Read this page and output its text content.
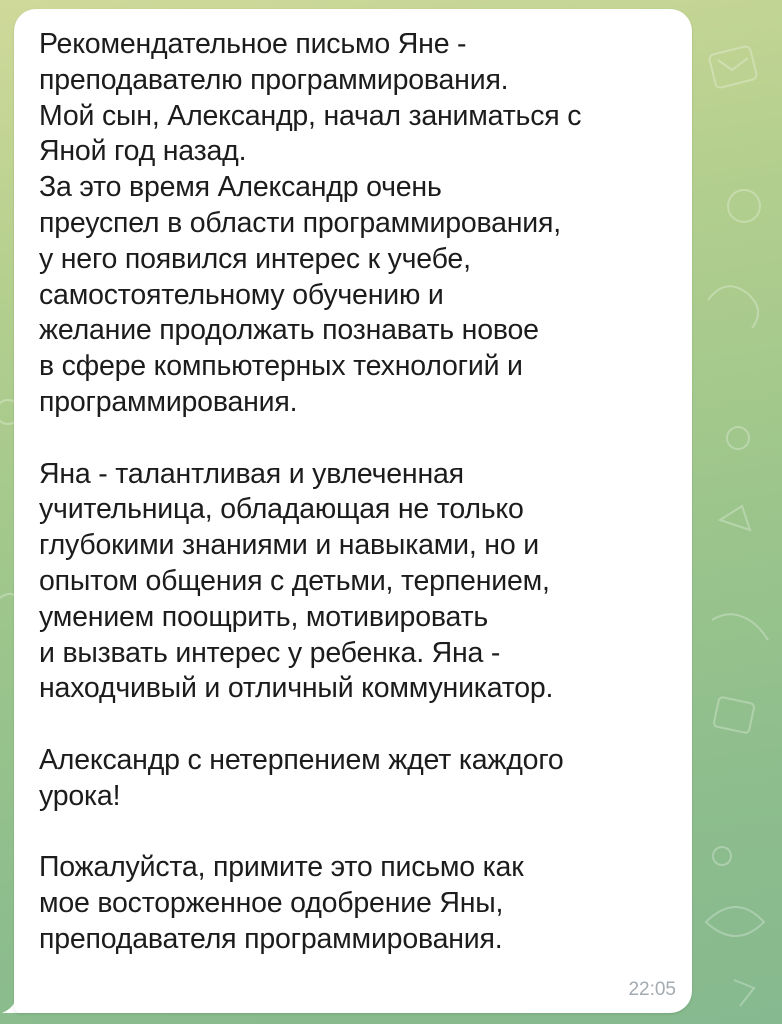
Рекомендательное письмо Яне -
преподавателю программирования.
Мой сын, Александр, начал заниматься с
Яной год назад.
За это время Александр очень
преуспел в области программирования,
у него появился интерес к учебе,
самостоятельному обучению и
желание продолжать познавать новое
в сфере компьютерных технологий и
программирования.
Яна - талантливая и увлеченная
учительница, обладающая не только
глубокими знаниями и навыками, но и
опытом общения с детьми, терпением,
умением поощрить, мотивировать
и вызвать интерес у ребенка. Яна -
находчивый и отличный коммуникатор.
Александр с нетерпением ждет каждого
урока!
Пожалуйста, примите это письмо как
мое восторженное одобрение Яны,
преподавателя программирования.
22:05
